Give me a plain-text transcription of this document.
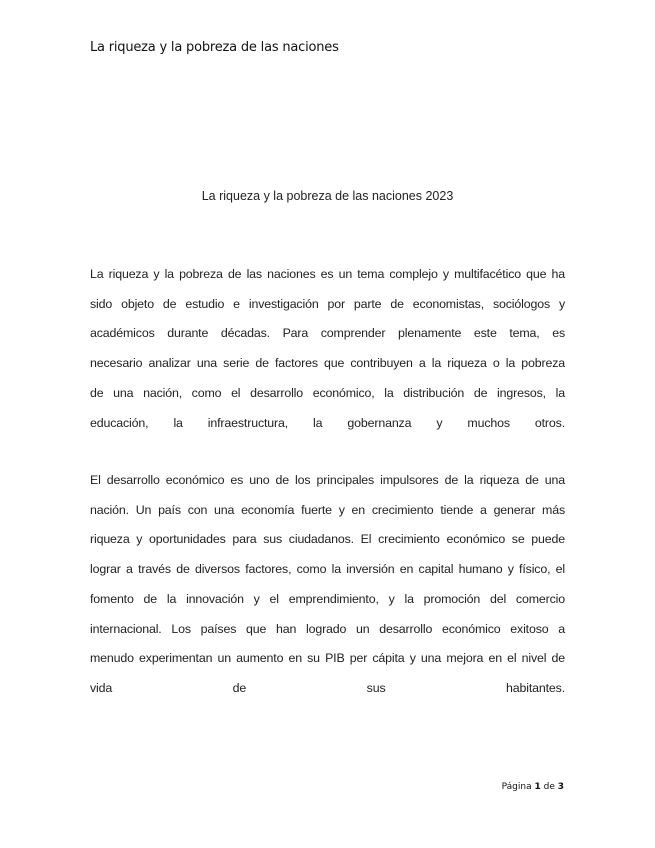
La riqueza y la pobreza de las naciones
La riqueza y la pobreza de las naciones 2023
La riqueza y la pobreza de las naciones es un tema complejo y multifacético que ha
sido objeto de estudio e investigación por parte de economistas, sociólogos y
académicos durante décadas. Para comprender plenamente este tema, es
necesario analizar una serie de factores que contribuyen a la riqueza o la pobreza
de una nación, como el desarrollo económico, la distribución de ingresos, la
educación, la infraestructura, la gobernanza y muchos otros.
El desarrollo económico es uno de los principales impulsores de la riqueza de una
nación. Un país con una economía fuerte y en crecimiento tiende a generar más
riqueza y oportunidades para sus ciudadanos. El crecimiento económico se puede
lograr a través de diversos factores, como la inversión en capital humano y físico, el
fomento de la innovación y el emprendimiento, y la promoción del comercio
internacional. Los países que han logrado un desarrollo económico exitoso a
menudo experimentan un aumento en su PIB per cápita y una mejora en el nivel de
vida de sus habitantes.
Página 1 de 3
